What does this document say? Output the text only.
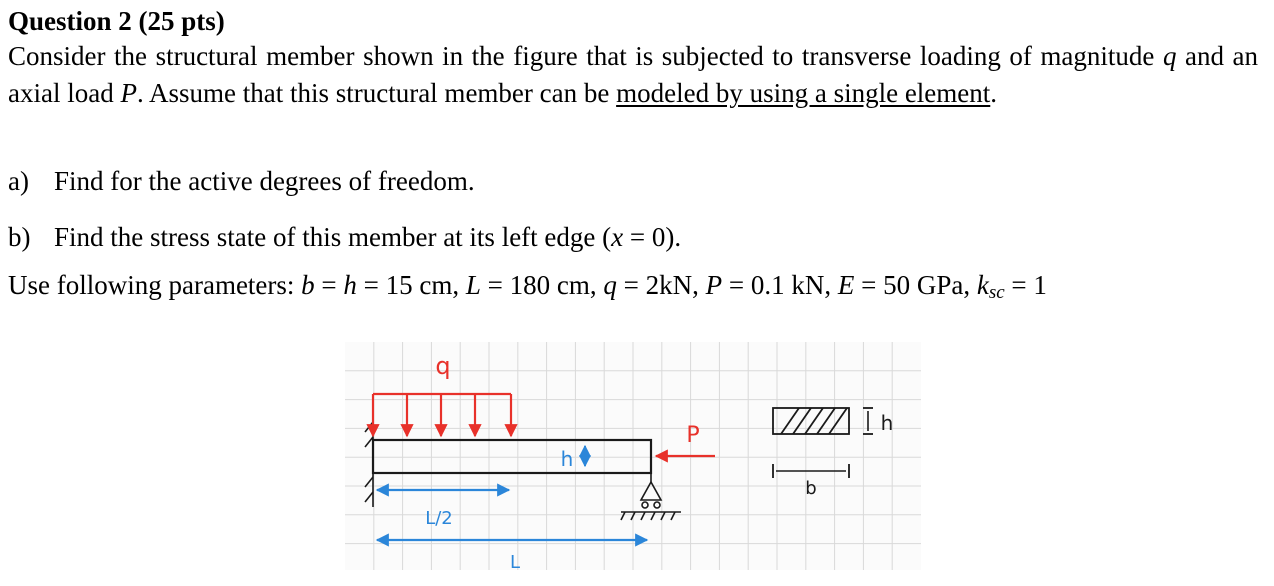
Question 2 (25 pts)
Consider the structural member shown in the figure that is subjected to transverse loading of magnitude q and an axial load P. Assume that this structural member can be modeled by using a single element.
a) Find for the active degrees of freedom.
b) Find the stress state of this member at its left edge (x = 0).
Use following parameters: b = h = 15 cm, L = 180 cm, q = 2kN, P = 0.1 kN, E = 50 GPa, $k_{sc} = 1$
q
P
h
L/2
L
h
b
